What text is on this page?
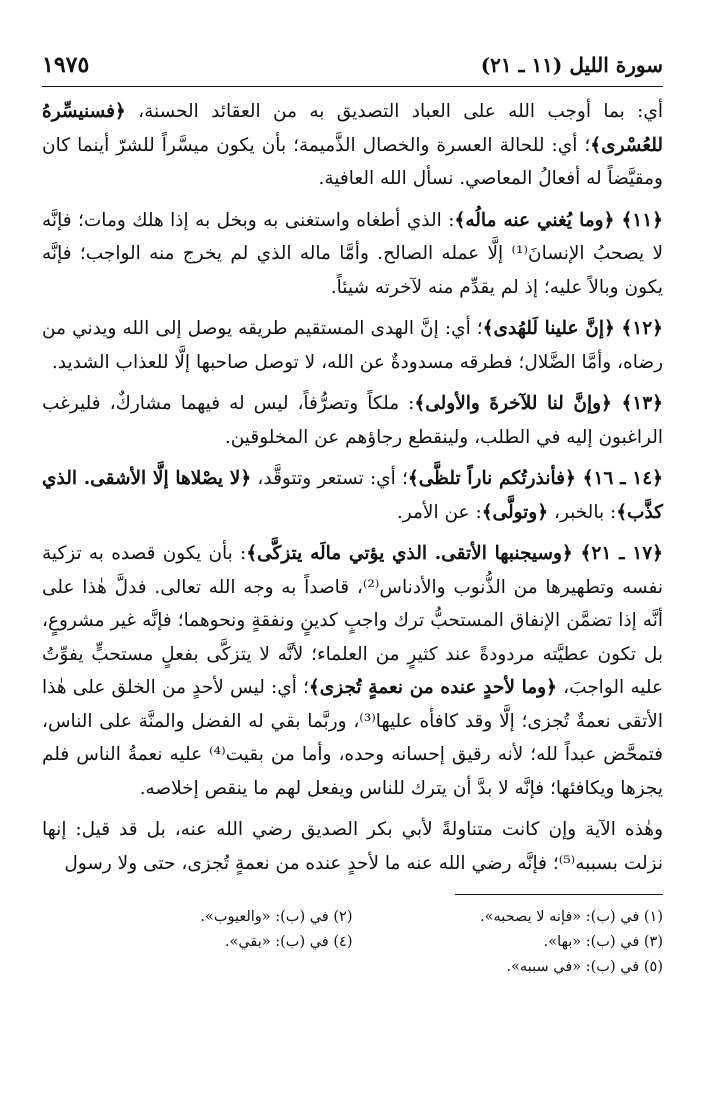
سورة الليل (١١ ـ ٢١)
١٩٧٥

أي: بما أوجب الله على العباد التصديق به من العقائد الحسنة، ﴿فسنيسِّرهُ للعُسْرى﴾؛ أي: للحالة العسرة والخصال الذَّميمة؛ بأن يكون ميسَّراً للشرّ أينما كان ومقيَّضاً له أفعالُ المعاصي. نسأل الله العافية.

﴿١١﴾ ﴿وما يُغني عنه مالُه﴾: الذي أطغاه واستغنى به وبخل به إذا هلك ومات؛ فإنَّه لا يصحبُ الإنسانَ⁽¹⁾ إلَّا عمله الصالح. وأمَّا ماله الذي لم يخرج منه الواجب؛ فإنَّه يكون وبالاً عليه؛ إذ لم يقدِّم منه لآخرته شيئاً.

﴿١٢﴾ ﴿إنَّ علينا لَلهُدى﴾؛ أي: إنَّ الهدى المستقيم طريقه يوصل إلى الله ويدني من رضاه، وأمَّا الضَّلال؛ فطرقه مسدودةٌ عن الله، لا توصل صاحبها إلَّا للعذاب الشديد.

﴿١٣﴾ ﴿وإنَّ لنا للآخرةَ والأولى﴾: ملكاً وتصرُّفاً، ليس له فيهما مشاركٌ، فليرغب الراغبون إليه في الطلب، ولينقطع رجاؤهم عن المخلوقين.

﴿١٤ ـ ١٦﴾ ﴿فأنذرتُكم ناراً تلظَّى﴾؛ أي: تستعر وتتوقَّد، ﴿لا يصْلاها إلَّا الأشقى. الذي كذَّب﴾: بالخبر، ﴿وتولَّى﴾: عن الأمر.

﴿١٧ ـ ٢١﴾ ﴿وسيجنبها الأتقى. الذي يؤتي مالَه يتزكَّى﴾: بأن يكون قصده به تزكية نفسه وتطهيرها من الذُّنوب والأدناس⁽²⁾، قاصداً به وجه الله تعالى. فدلَّ هٰذا على أنَّه إذا تضمَّن الإنفاق المستحبُّ ترك واجبٍ كدينٍ ونفقةٍ ونحوهما؛ فإنَّه غير مشروعٍ، بل تكون عطيَّته مردودةً عند كثيرٍ من العلماء؛ لأنَّه لا يتزكَّى بفعلٍ مستحبٍّ يفوِّتُ عليه الواجبَ، ﴿وما لأحدٍ عنده من نعمةٍ تُجزى﴾؛ أي: ليس لأحدٍ من الخلق على هٰذا الأتقى نعمةٌ تُجزى؛ إلَّا وقد كافأه عليها⁽³⁾، وربَّما بقي له الفضل والمنَّة على الناس، فتمحَّض عبداً لله؛ لأنه رقيق إحسانه وحده، وأما من بقيت⁽⁴⁾ عليه نعمةُ الناس فلم يجزها ويكافئها؛ فإنَّه لا بدَّ أن يترك للناس ويفعل لهم ما ينقص إخلاصه.

وهٰذه الآية وإن كانت متناولةً لأبي بكر الصديق رضي الله عنه، بل قد قيل: إنها نزلت بسببه⁽⁵⁾؛ فإنَّه رضي الله عنه ما لأحدٍ عنده من نعمةٍ تُجزى، حتى ولا رسول

(١) في (ب): «فإنه لا يصحبه».
(٢) في (ب): «والعيوب».
(٣) في (ب): «بها».
(٤) في (ب): «بقي».
(٥) في (ب): «في سببه».
